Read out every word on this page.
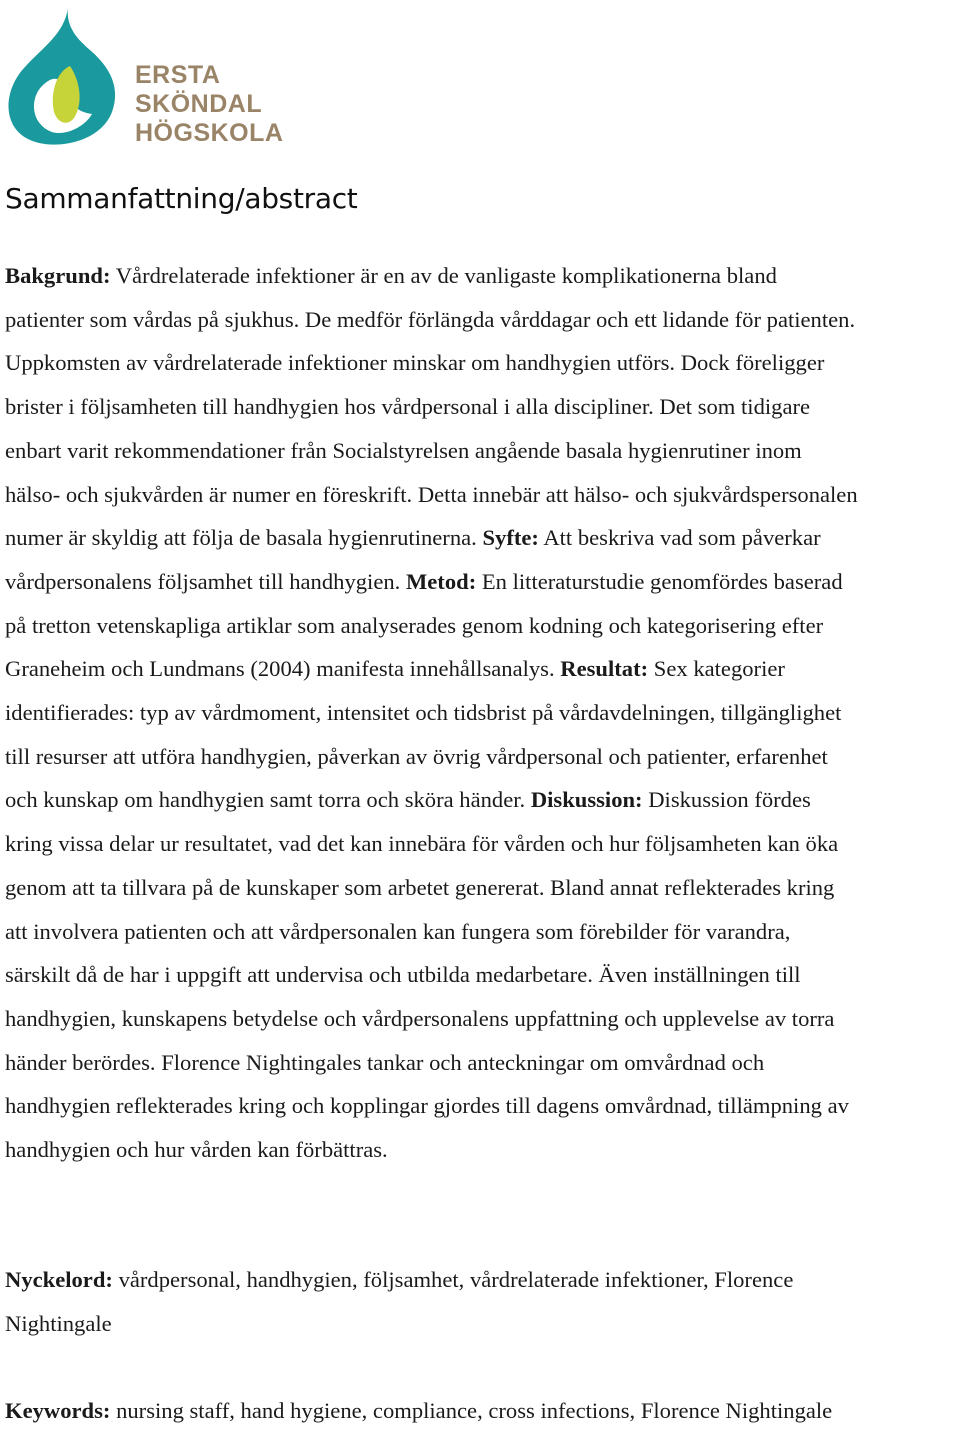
ERSTA
SKÖNDAL
HÖGSKOLA
Sammanfattning/abstract
Bakgrund: Vårdrelaterade infektioner är en av de vanligaste komplikationerna bland
patienter som vårdas på sjukhus. De medför förlängda vårddagar och ett lidande för patienten.
Uppkomsten av vårdrelaterade infektioner minskar om handhygien utförs. Dock föreligger
brister i följsamheten till handhygien hos vårdpersonal i alla discipliner. Det som tidigare
enbart varit rekommendationer från Socialstyrelsen angående basala hygienrutiner inom
hälso- och sjukvården är numer en föreskrift. Detta innebär att hälso- och sjukvårdspersonalen
numer är skyldig att följa de basala hygienrutinerna. Syfte: Att beskriva vad som påverkar
vårdpersonalens följsamhet till handhygien. Metod: En litteraturstudie genomfördes baserad
på tretton vetenskapliga artiklar som analyserades genom kodning och kategorisering efter
Graneheim och Lundmans (2004) manifesta innehållsanalys. Resultat: Sex kategorier
identifierades: typ av vårdmoment, intensitet och tidsbrist på vårdavdelningen, tillgänglighet
till resurser att utföra handhygien, påverkan av övrig vårdpersonal och patienter, erfarenhet
och kunskap om handhygien samt torra och sköra händer. Diskussion: Diskussion fördes
kring vissa delar ur resultatet, vad det kan innebära för vården och hur följsamheten kan öka
genom att ta tillvara på de kunskaper som arbetet genererat. Bland annat reflekterades kring
att involvera patienten och att vårdpersonalen kan fungera som förebilder för varandra,
särskilt då de har i uppgift att undervisa och utbilda medarbetare. Även inställningen till
handhygien, kunskapens betydelse och vårdpersonalens uppfattning och upplevelse av torra
händer berördes. Florence Nightingales tankar och anteckningar om omvårdnad och
handhygien reflekterades kring och kopplingar gjordes till dagens omvårdnad, tillämpning av
handhygien och hur vården kan förbättras.

Nyckelord: vårdpersonal, handhygien, följsamhet, vårdrelaterade infektioner, Florence
Nightingale

Keywords: nursing staff, hand hygiene, compliance, cross infections, Florence Nightingale
